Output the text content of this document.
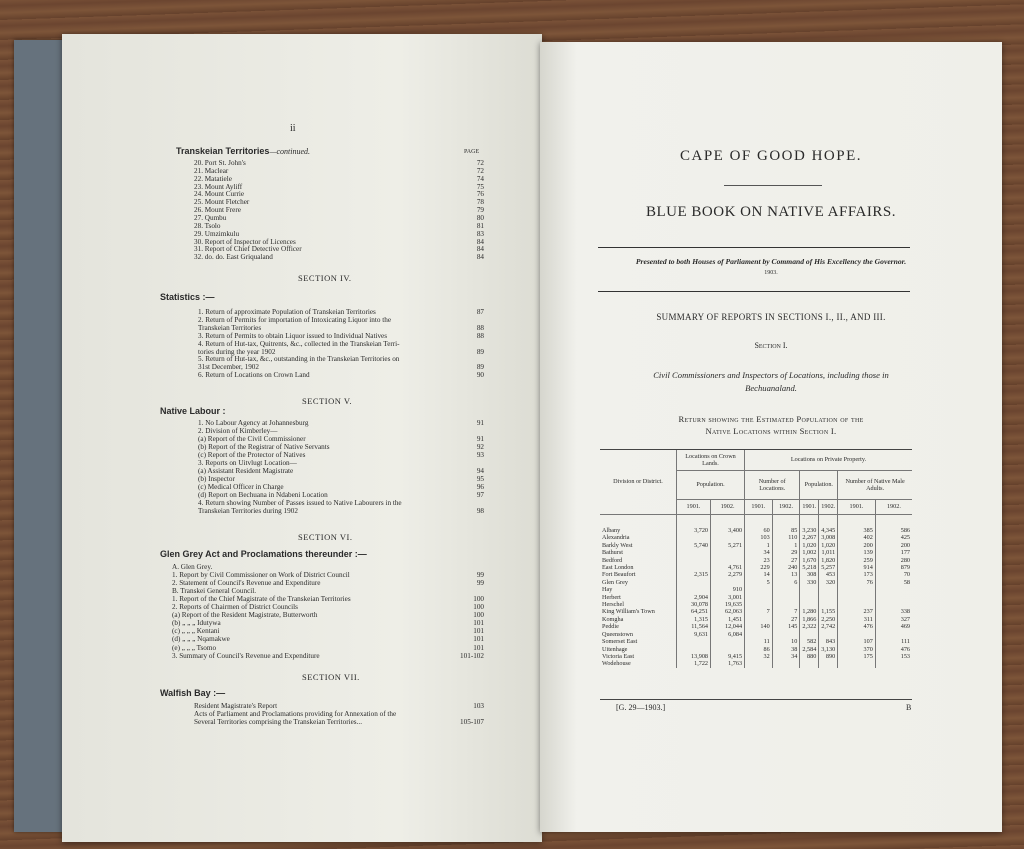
ii
Transkeian Territories—continued.	PAGE
20. Port St. John's	72
21. Maclear	72
22. Matatiele	74
23. Mount Ayliff	75
24. Mount Currie	76
25. Mount Fletcher	78
26. Mount Frere	79
27. Qumbu	80
28. Tsolo	81
29. Umzimkulu	83
30. Report of Inspector of Licences	84
31. Report of Chief Detective Officer	84
32. do. do. East Griqualand	84
SECTION IV.
Statistics :—
1. Return of approximate Population of Transkeian Territories	87
2. Return of Permits for importation of Intoxicating Liquor into the
Transkeian Territories	88
3. Return of Permits to obtain Liquor issued to Individual Natives	88
4. Return of Hut-tax, Quitrents, &c., collected in the Transkeian Terri-
tories during the year 1902	89
5. Return of Hut-tax, &c., outstanding in the Transkeian Territories on
31st December, 1902	89
6. Return of Locations on Crown Land	90
SECTION V.
Native Labour :
1. No Labour Agency at Johannesburg	91
2. Division of Kimberley—
(a) Report of the Civil Commissioner	91
(b) Report of the Registrar of Native Servants	92
(c) Report of the Protector of Natives	93
3. Reports on Uitvlugt Location—
(a) Assistant Resident Magistrate	94
(b) Inspector	95
(c) Medical Officer in Charge	96
(d) Report on Bechuana in Ndabeni Location	97
4. Return showing Number of Passes issued to Native Labourers in the
Transkeian Territories during 1902	98
SECTION VI.
Glen Grey Act and Proclamations thereunder :—
A. Glen Grey.
1. Report by Civil Commissioner on Work of District Council	99
2. Statement of Council's Revenue and Expenditure	99
B. Transkei General Council.
1. Report of the Chief Magistrate of the Transkeian Territories	100
2. Reports of Chairmen of District Councils	100
(a) Report of the Resident Magistrate, Butterworth	100
(b) „ „ „ Idutywa	101
(c) „ „ „ Kentani	101
(d) „ „ „ Nqamakwe	101
(e) „ „ „ Tsomo	101
3. Summary of Council's Revenue and Expenditure	101-102
SECTION VII.
Walfish Bay :—
Resident Magistrate's Report	103
Acts of Parliament and Proclamations providing for Annexation of the
Several Territories comprising the Transkeian Territories...	105-107
CAPE OF GOOD HOPE.
BLUE BOOK ON NATIVE AFFAIRS.
Presented to both Houses of Parliament by Command of His Excellency the Governor.
1903.
SUMMARY OF REPORTS IN SECTIONS I., II., AND III.
Section I.
Civil Commissioners and Inspectors of Locations, including those in
Bechuanaland.
Return showing the Estimated Population of the
Native Locations within Section I.
Division or District.	Locations on Crown Lands.		Locations on Private Property.					
	Population.		Number of Locations.		Population.		Number of Native Male Adults.	
	1901.	1902.	1901.	1902.	1901.	1902.	1901.	1902.

Albany	3,720	3,400	60	85	3,230	4,345	385	586
Alexandria			103	110	2,267	3,008	402	425
Barkly West	5,740	5,271	1	1	1,020	1,020	200	200
Bathurst			34	29	1,002	1,011	139	177
Bedford			23	27	1,670	1,820	259	280
East London		4,761	229	240	5,218	5,257	914	879
Fort Beaufort	2,315	2,279	14	13	308	453	173	70
Glen Grey			5	6	330	320	76	58
Hay		910						
Herbert	2,904	3,001						
Herschel	30,078	19,635						
King William's Town	64,251	62,063	7	7	1,280	1,155	237	338
Komgha	1,315	1,451		27	1,866	2,250	311	327
Peddie	11,564	12,044	140	145	2,322	2,742	476	469
Queenstown	9,631	6,084						
Somerset East			11	10	582	843	107	111
Uitenhage			86	38	2,584	3,130	370	476
Victoria East	13,908	9,415	32	34	880	890	175	153
Wodehouse	1,722	1,763						
[G. 29—1903.]	B
